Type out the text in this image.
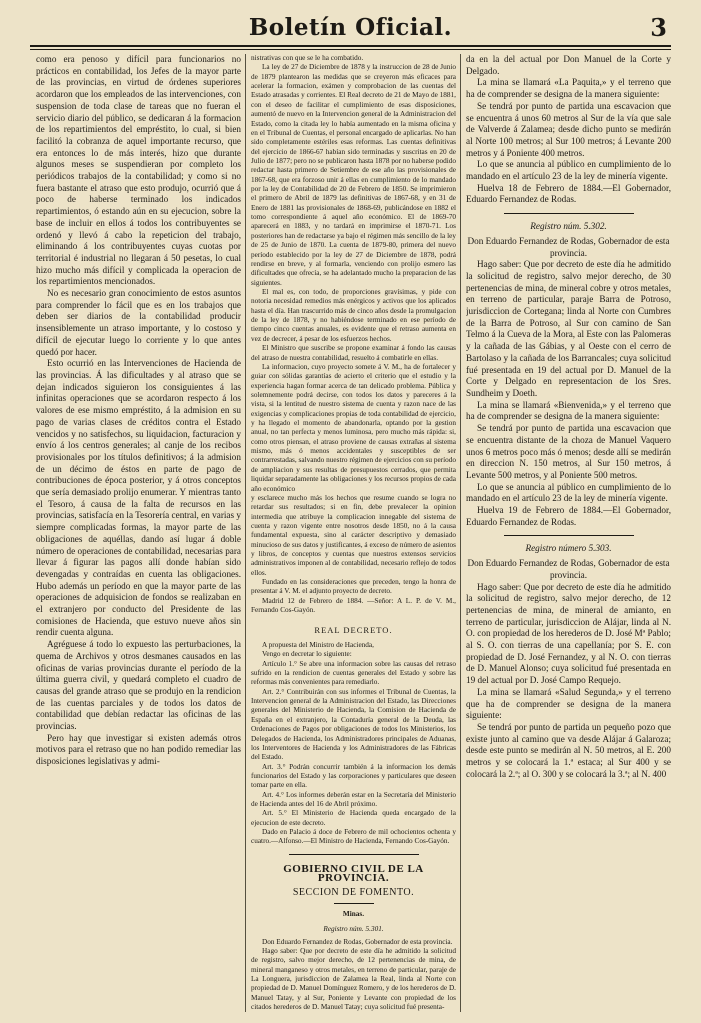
Boletín Oficial.	3

como era penoso y difícil para funcionarios no prácticos en contabilidad, los Jefes de la mayor parte de las provincias, en virtud de órdenes superiores acordaron que los empleados de las intervenciones, con suspension de toda clase de tareas que no fueran el servicio diario del público, se dedicaran á la formacion de los repartimientos del empréstito, lo cual, si bien facilitó la cobranza de aquel importante recurso, que era entonces lo de más interés, hizo que durante algunos meses se suspendieran por completo los periódicos trabajos de la contabilidad; y como si no fuera bastante el atraso que esto produjo, ocurrió que á poco de haberse terminado los indicados repartimientos, ó estando aún en su ejecucion, sobre la base de incluir en ellos á todos los contribuyentes se ordenó y llevó á cabo la repeticion del trabajo, eliminando á los contribuyentes cuyas cuotas por territorial é industrial no llegaran á 50 pesetas, lo cual hizo mucho más difícil y complicada la operacion de los repartimientos mencionados.

No es necesario gran conocimiento de estos asuntos para comprender lo fácil que es en los trabajos que deben ser diarios de la contabilidad producir insensiblemente un atraso importante, y lo costoso y difícil de ejecutar luego lo corriente y lo que antes quedó por hacer.

Esto ocurrió en las Intervenciones de Hacienda de las provincias. Á las dificultades y al atraso que se dejan indicados siguieron los consiguientes á las infinitas operaciones que se acordaron respecto á los valores de ese mismo empréstito, á la admision en su pago de varias clases de créditos contra el Estado vencidos y no satisfechos, su liquidacion, facturacion y envío á los centros generales; al canje de los recibos provisionales por los títulos definitivos; á la admision de un décimo de éstos en parte de pago de contribuciones de época posterior, y á otros conceptos que sería demasiado prolijo enumerar. Y mientras tanto el Tesoro, á causa de la falta de recursos en las provincias, satisfacía en la Tesorería central, en varias y siempre complicadas formas, la mayor parte de las obligaciones de aquéllas, dando así lugar á doble número de operaciones de contabilidad, necesarias para llevar á figurar las pagos allí donde habían sido devengadas y contraídas en cuenta las obligaciones. Hubo además un período en que la mayor parte de las operaciones de adquisicion de fondos se realizaban en el extranjero por conducto del Presidente de las comisiones de Hacienda, que estuvo nueve años sin rendir cuenta alguna.

Agréguese á todo lo expuesto las perturbaciones, la quema de Archivos y otros desmanes causados en las oficinas de varias provincias durante el período de la última guerra civil, y quedará completo el cuadro de causas del grande atraso que se produjo en la rendicion de las cuentas parciales y de todos los datos de contabilidad que debían redactar las oficinas de las provincias.

Pero hay que investigar si existen además otros motivos para el retraso que no han podido remediar las disposiciones legislativas y admi-

nistrativas con que se le ha combatido.

La ley de 27 de Diciembre de 1878 y la instruccion de 28 de Junio de 1879 plantearon las medidas que se creyeron más eficaces para acelerar la formacion, exámen y comprobacion de las cuentas del Estado atrasadas y corrientes. El Real decreto de 21 de Mayo de 1881, con el deseo de facilitar el cumplimiento de esas disposiciones, aumentó de nuevo en la Intervencion general de la Administracion del Estado, como la citada ley lo había aumentado en la misma oficina y en el Tribunal de Cuentas, el personal encargado de aplicarlas. No han sido completamente estériles esas reformas. Las cuentas definitivas del ejercicio de 1866-67 habían sido terminadas y suscritas en 20 de Julio de 1877; pero no se publicaron hasta 1878 por no haberse podido redactar hasta primero de Setiembre de ese año las provisionales de 1867-68, que era forzoso unir á ellas en cumplimiento de lo mandado por la ley de Contabilidad de 20 de Febrero de 1850. Se imprimieron el primero de Abril de 1879 las definitivas de 1867-68, y en 31 de Enero de 1881 las provisionales de 1868-69, publicándose en 1882 el tomo correspondiente á aquel año económico. El de 1869-70 aparecerá en 1883, y no tardará en imprimirse el 1870-71. Los posteriores han de redactarse ya bajo el régimen más sencillo de la ley de 25 de Junio de 1870. La cuenta de 1879-80, primera del nuevo período establecido por la ley de 27 de Diciembre de 1878, podrá rendirse en breve, y al formarla, venciendo con prolijo esmero las dificultades que ofrecía, se ha adelantado mucho la preparacion de las siguientes.

El mal es, con todo, de proporciones gravísimas, y pide con notoria necesidad remedios más enérgicos y activos que los aplicados hasta el día. Han trascurrido más de cinco años desde la promulgacion de la ley de 1878, y no habiéndose terminado en ese período de tiempo cinco cuentas anuales, es evidente que el retraso aumenta en vez de decrecer, á pesar de los esfuerzos hechos.

El Ministro que suscribe se propone examinar á fondo las causas del atraso de nuestra contabilidad, resuelto á combatirle en ellas.

La informacion, cuyo proyecto somete á V. M., ha de fortalecer y guiar con sólidas garantías de acierto el criterio que el estudio y la experiencia hagan formar acerca de tan delicado problema. Pública y solemnemente podrá decirse, con todos los datos y pareceres á la vista, si la lentitud de nuestro sistema de cuenta y razon nace de las exigencias y complicaciones propias de toda contabilidad de ejercicio, y ha llegado el momento de abandonarla, optando por la gestion anual, no tan perfecta y menos luminosa, pero mucho más rápida: si, como otros piensan, el atraso proviene de causas extrañas al sistema mismo, más ó menos accidentales y susceptibles de ser contrarrestadas, salvando nuestro régimen de ejercicios con su período de ampliacion y sus resultas de presupuestos cerrados, que permita liquidar separadamente las obligaciones y los recursos propios de cada año económico

y esclarece mucho más los hechos que resume cuando se logra no retardar sus resultados; si en fin, debe prevalecer la opinion intermedia que atribuye la complicacion innegable del sistema de cuenta y razon vigente entre nosotros desde 1850, no á la causa fundamental expuesta, sino al carácter descriptivo y demasiado minucioso de sus datos y justificantes, á exceso de número de asientos y libros, de conceptos y cuentas que nuestros extensos servicios administrativos imponen al de contabilidad, necesario reflejo de todos ellos.

Fundado en las consideraciones que preceden, tengo la honra de presentar á V. M. el adjunto proyecto de decreto.

Madrid 12 de Febrero de 1884. —Señor: A L. P. de V. M., Fernando Cos-Gayón.

REAL DECRETO.

A propuesta del Ministro de Hacienda,

Vengo en decretar lo siguiente:

Artículo 1.° Se abre una informacion sobre las causas del retraso sufrido en la rendicion de cuentas generales del Estado y sobre las reformas más convenientes para remediarlo.

Art. 2.° Contribuirán con sus informes el Tribunal de Cuentas, la Intervencion general de la Administracion del Estado, las Direcciones generales del Ministerio de Hacienda, la Comision de Hacienda de España en el extranjero, la Contaduría general de la Deuda, las Ordenaciones de Pagos por obligaciones de todos los Ministerios, los Delegados de Hacienda, los Administradores principales de Aduanas, los Interventores de Hacienda y los Administradores de las Fábricas del Estado.

Art. 3.° Podrán concurrir también á la informacion los demás funcionarios del Estado y las corporaciones y particulares que deseen tomar parte en ella.

Art. 4.° Los informes deberán estar en la Secretaría del Ministerio de Hacienda antes del 16 de Abril próximo.

Art. 5.° El Ministerio de Hacienda queda encargado de la ejecucion de este decreto.

Dado en Palacio á doce de Febrero de mil ochocientos ochenta y cuatro.—Alfonso.—El Ministro de Hacienda, Fernando Cos-Gayón.

GOBIERNO CIVIL DE LA PROVINCIA.
SECCION DE FOMENTO.
Minas.
Registro núm. 5.301.

Don Eduardo Fernandez de Rodas, Gobernador de esta provincia.

Hago saber: Que por decreto de este día he admitido la solicitud de registro, salvo mejor derecho, de 12 pertenencias de mina, de mineral manganeso y otros metales, en terreno de particular, paraje de La Longuera, jurisdiccion de Zalamea la Real, linda al Norte con propiedad de D. Manuel Domínguez Romero, y de los herederos de D. Manuel Tatay, y al Sur, Poniente y Levante con propiedad de los citados herederos de D. Manuel Tatay; cuya solicitud fué presenta-

da en la del actual por Don Manuel de la Corte y Delgado.

La mina se llamará «La Paquita,» y el terreno que ha de comprender se designa de la manera siguiente:

Se tendrá por punto de partida una escavacion que se encuentra á unos 60 metros al Sur de la vía que sale de Valverde á Zalamea; desde dicho punto se medirán al Norte 100 metros; al Sur 100 metros; á Levante 200 metros y á Poniente 400 metros.

Lo que se anuncia al público en cumplimiento de lo mandado en el artículo 23 de la ley de minería vigente.

Huelva 18 de Febrero de 1884.—El Gobernador, Eduardo Fernandez de Rodas.

Registro núm. 5.302.

Don Eduardo Fernandez de Rodas, Gobernador de esta provincia.

Hago saber: Que por decreto de este día he admitido la solicitud de registro, salvo mejor derecho, de 30 pertenencias de mina, de mineral cobre y otros metales, en terreno de particular, paraje Barra de Potroso, jurisdiccion de Cortegana; linda al Norte con Cumbres de la Barra de Potroso, al Sur con camino de San Telmo á la Cueva de la Mora, al Este con las Palomeras y la cañada de las Gábias, y al Oeste con el cerro de Bartolaso y la cañada de los Barrancales; cuya solicitud fué presentada en 19 del actual por D. Manuel de la Corte y Delgado en representacion de los Sres. Sundheim y Doeth.

La mina se llamará «Bienvenida,» y el terreno que ha de comprender se designa de la manera siguiente:

Se tendrá por punto de partida una escavacion que se encuentra distante de la choza de Manuel Vaquero unos 6 metros poco más ó menos; desde allí se medirán en direccion N. 150 metros, al Sur 150 metros, á Levante 500 metros, y al Poniente 500 metros.

Lo que se anuncia al público en cumplimiento de lo mandado en el artículo 23 de la ley de minería vigente.

Huelva 19 de Febrero de 1884.—El Gobernador, Eduardo Fernandez de Rodas.

Registro número 5.303.

Don Eduardo Fernandez de Rodas, Gobernador de esta provincia.

Hago saber: Que por decreto de este día he admitido la solicitud de registro, salvo mejor derecho, de 12 pertenencias de mina, de mineral de amianto, en terreno de particular, jurisdiccion de Alájar, linda al N. O. con propiedad de los herederos de D. José Mª Pablo; al S. O. con tierras de una capellanía; por S. E. con propiedad de D. José Fernandez, y al N. O. con tierras de D. Manuel Alonso; cuya solicitud fué presentada en 19 del actual por D. José Campo Requejo.

La mina se llamará «Salud Segunda,» y el terreno que ha de comprender se designa de la manera siguiente:

Se tendrá por punto de partida un pequeño pozo que existe junto al camino que va desde Alájar á Galaroza; desde este punto se medirán al N. 50 metros, al E. 200 metros y se colocará la 1.ª estaca; al Sur 400 y se colocará la 2.ª; al O. 300 y se colocará la 3.ª; al N. 400
